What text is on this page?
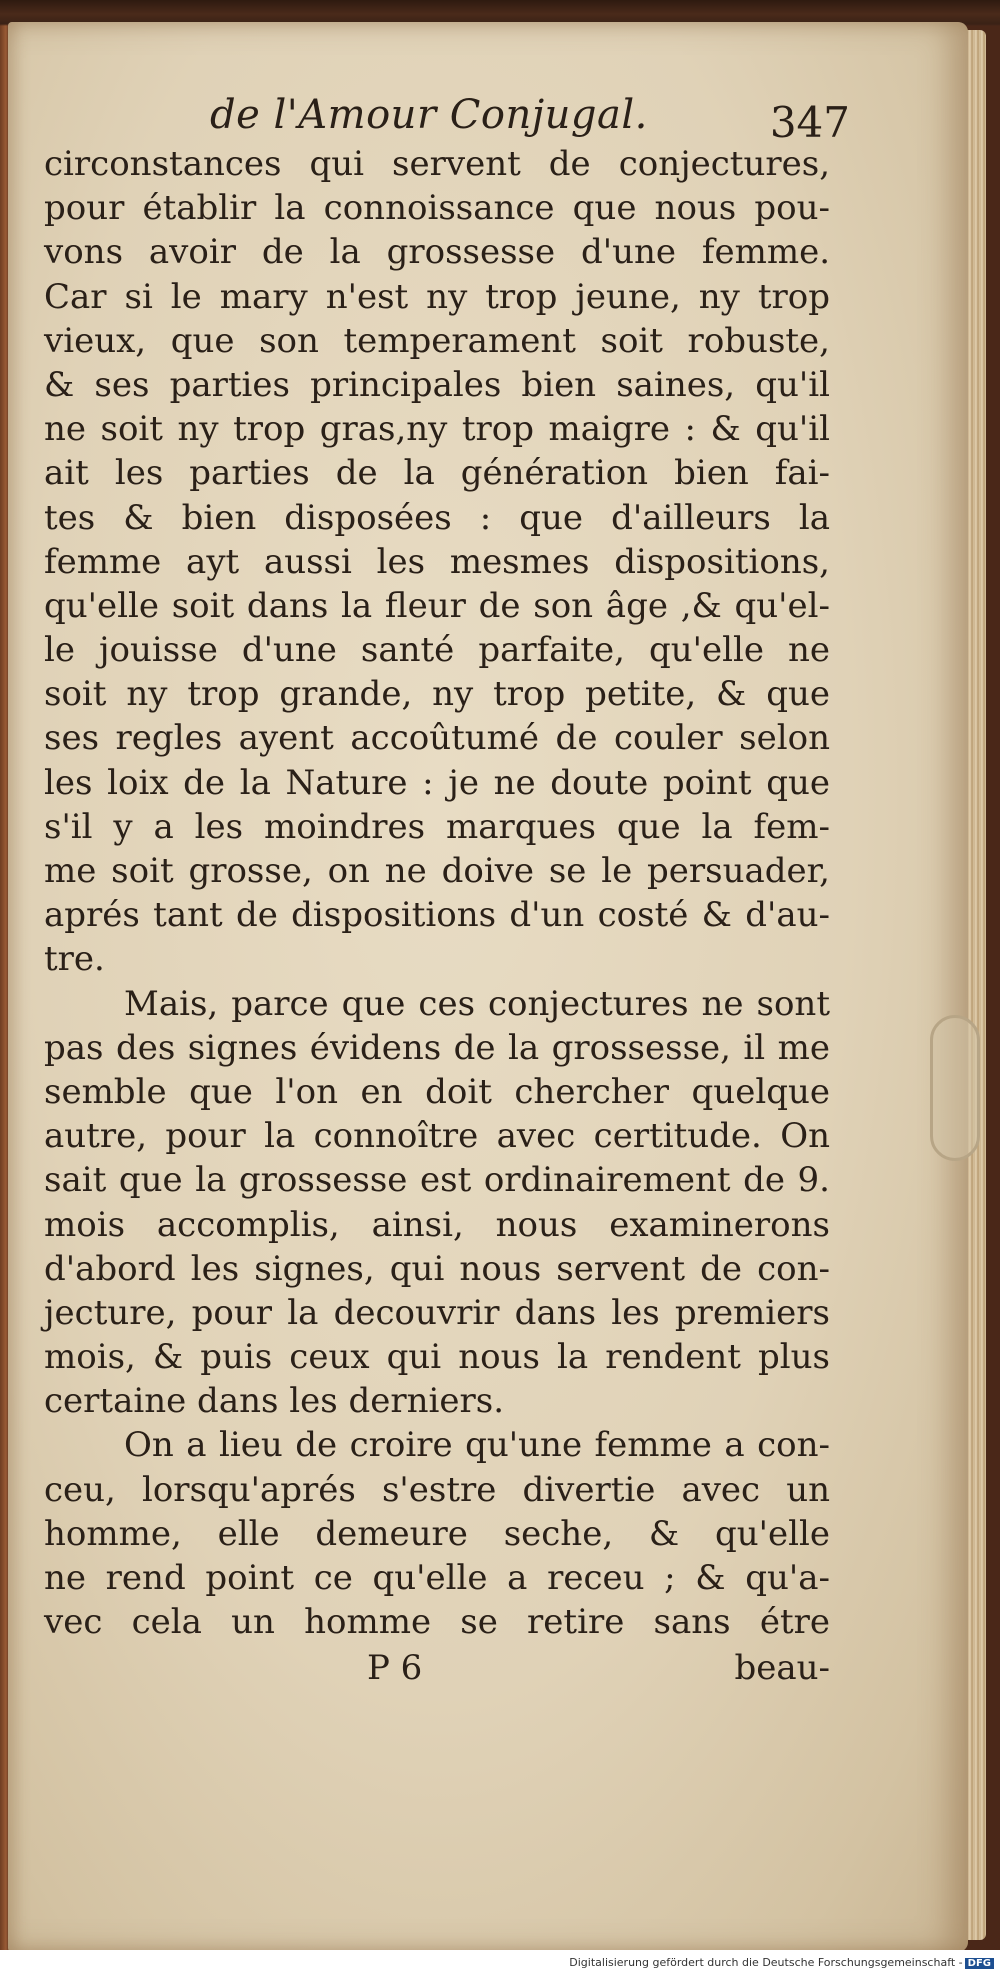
de l'Amour Conjugal.	347
circonstances qui servent de conjectures,
pour établir la connoissance que nous pou-
vons avoir de la grossesse d'une femme.
Car si le mary n'est ny trop jeune, ny trop
vieux, que son temperament soit robuste,
& ses parties principales bien saines, qu'il
ne soit ny trop gras,ny trop maigre : & qu'il
ait les parties de la génération bien fai-
tes & bien disposées : que d'ailleurs la
femme ayt aussi les mesmes dispositions,
qu'elle soit dans la fleur de son âge ,& qu'el-
le jouisse d'une santé parfaite, qu'elle ne
soit ny trop grande, ny trop petite, & que
ses regles ayent accoûtumé de couler selon
les loix de la Nature : je ne doute point que
s'il y a les moindres marques que la fem-
me soit grosse, on ne doive se le persuader,
aprés tant de dispositions d'un costé & d'au-
tre.
Mais, parce que ces conjectures ne sont
pas des signes évidens de la grossesse, il me
semble que l'on en doit chercher quelque
autre, pour la connoître avec certitude. On
sait que la grossesse est ordinairement de 9.
mois accomplis, ainsi, nous examinerons
d'abord les signes, qui nous servent de con-
jecture, pour la decouvrir dans les premiers
mois, & puis ceux qui nous la rendent plus
certaine dans les derniers.
On a lieu de croire qu'une femme a con-
ceu, lorsqu'aprés s'estre divertie avec un
homme, elle demeure seche, & qu'elle
ne rend point ce qu'elle a receu ; & qu'a-
vec cela un homme se retire sans étre
P 6	beau-
Digitalisierung gefördert durch die Deutsche Forschungsgemeinschaft - DFG
